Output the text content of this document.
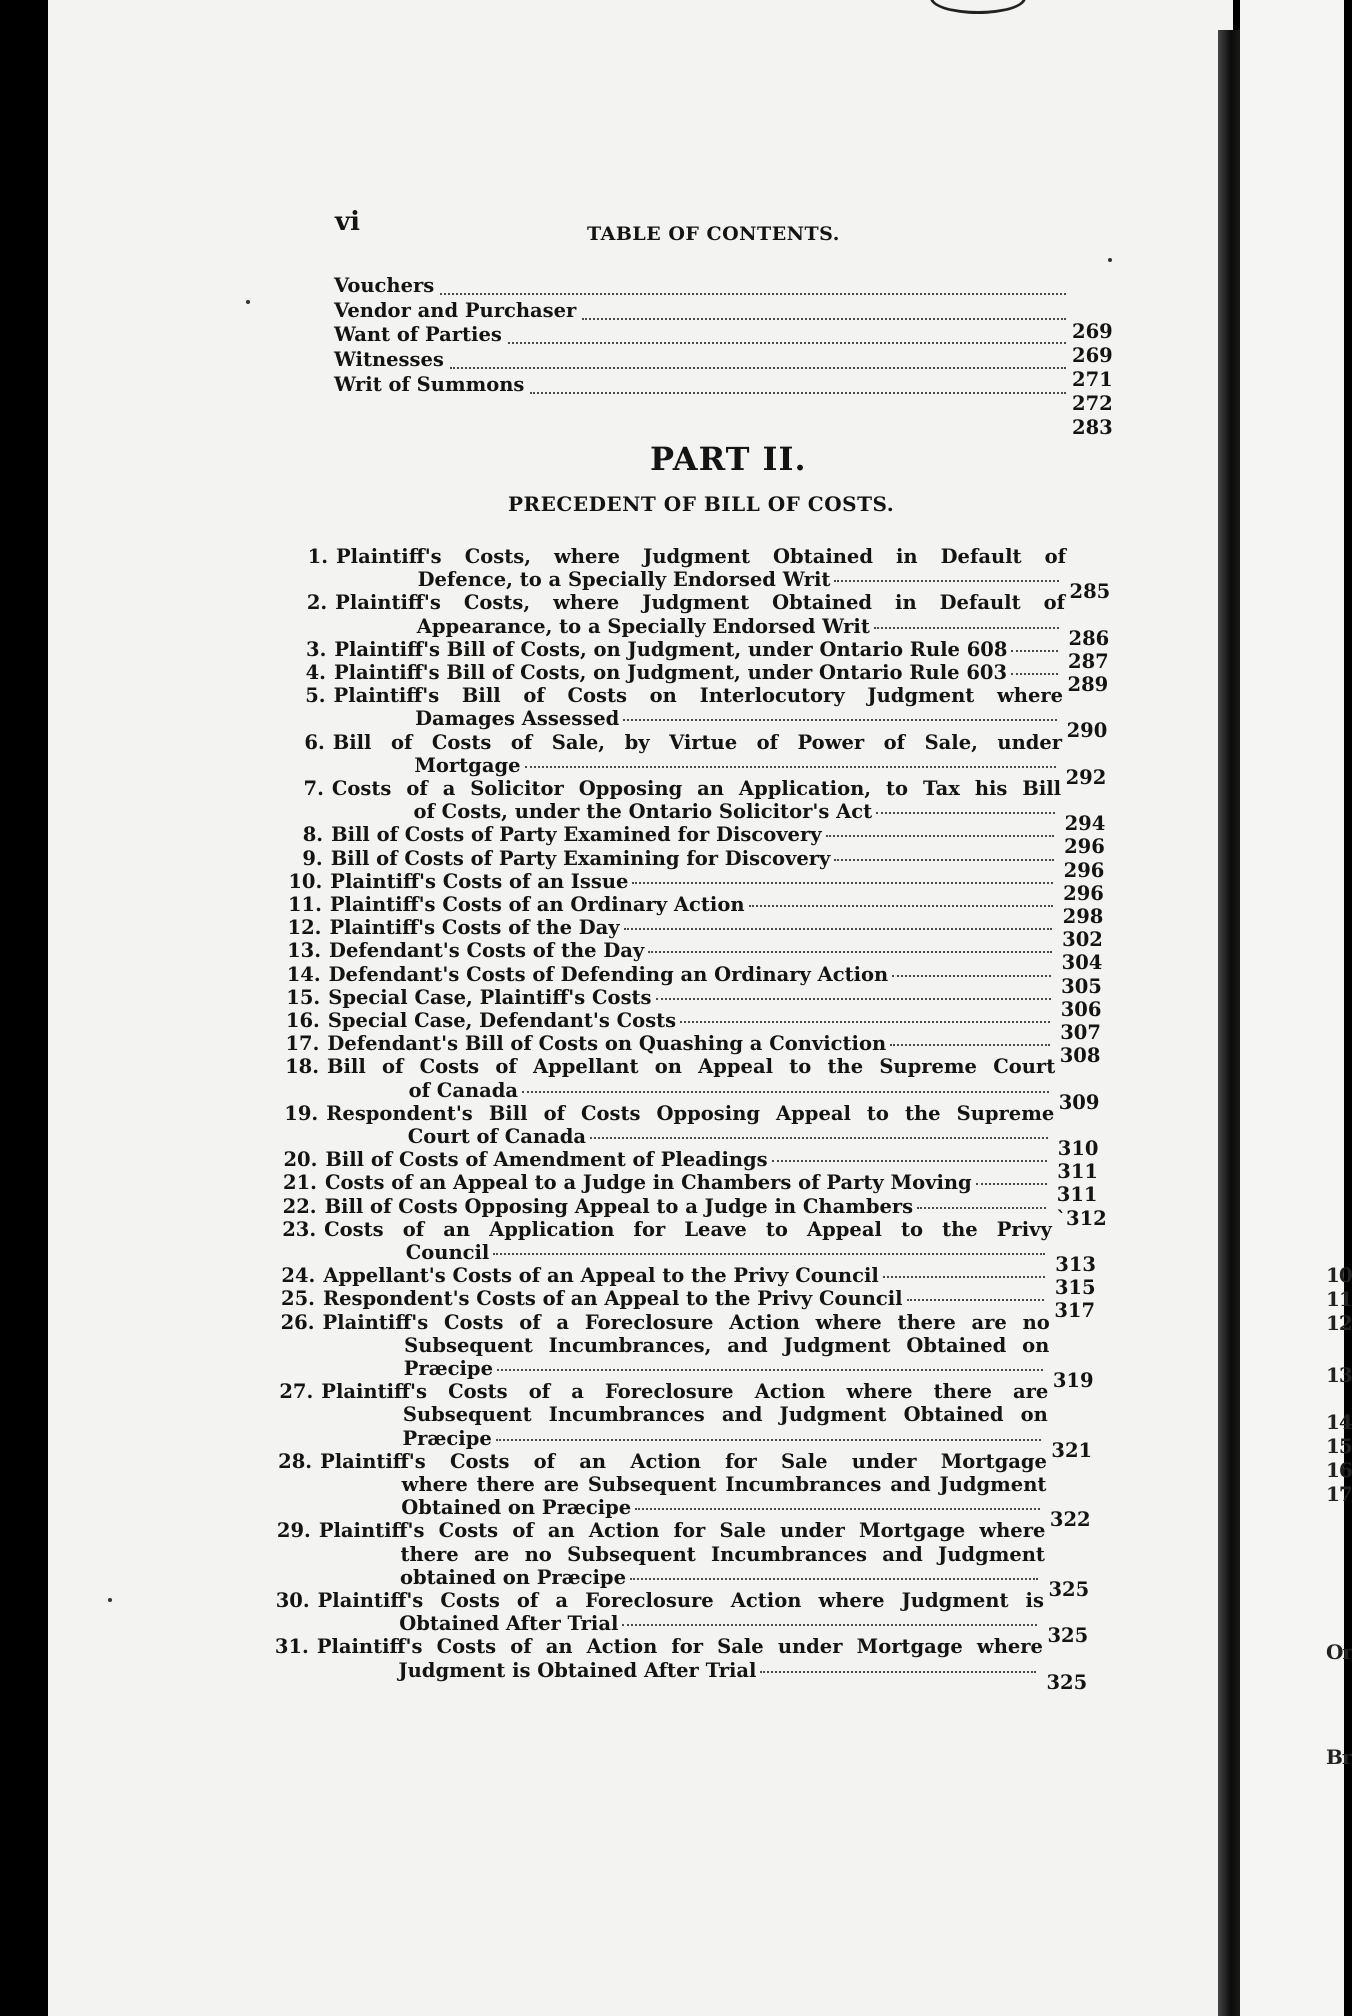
vi	TABLE OF CONTENTS.
Vouchers
Vendor and Purchaser
269
Want of Parties
269
Witnesses
271
Writ of Summons
272
283
PART II.
PRECEDENT OF BILL OF COSTS.
1. Plaintiff's Costs, where Judgment Obtained in Default of
Defence, to a Specially Endorsed Writ
285
2. Plaintiff's Costs, where Judgment Obtained in Default of
Appearance, to a Specially Endorsed Writ
286
3. Plaintiff's Bill of Costs, on Judgment, under Ontario Rule 608
287
4. Plaintiff's Bill of Costs, on Judgment, under Ontario Rule 603
289
5. Plaintiff's Bill of Costs on Interlocutory Judgment where
Damages Assessed
290
6. Bill of Costs of Sale, by Virtue of Power of Sale, under
Mortgage
292
7. Costs of a Solicitor Opposing an Application, to Tax his Bill
of Costs, under the Ontario Solicitor's Act
294
8. Bill of Costs of Party Examined for Discovery
296
9. Bill of Costs of Party Examining for Discovery
296
10. Plaintiff's Costs of an Issue
296
11. Plaintiff's Costs of an Ordinary Action
298
12. Plaintiff's Costs of the Day
302
13. Defendant's Costs of the Day
304
14. Defendant's Costs of Defending an Ordinary Action
305
15. Special Case, Plaintiff's Costs
306
16. Special Case, Defendant's Costs
307
17. Defendant's Bill of Costs on Quashing a Conviction
308
18. Bill of Costs of Appellant on Appeal to the Supreme Court
of Canada
309
19. Respondent's Bill of Costs Opposing Appeal to the Supreme
Court of Canada
310
20. Bill of Costs of Amendment of Pleadings
311
21. Costs of an Appeal to a Judge in Chambers of Party Moving
311
22. Bill of Costs Opposing Appeal to a Judge in Chambers
`312
23. Costs of an Application for Leave to Appeal to the Privy
Council
313
24. Appellant's Costs of an Appeal to the Privy Council
315
25. Respondent's Costs of an Appeal to the Privy Council
317
26. Plaintiff's Costs of a Foreclosure Action where there are no
Subsequent Incumbrances, and Judgment Obtained on
Præcipe
319
27. Plaintiff's Costs of a Foreclosure Action where there are
Subsequent Incumbrances and Judgment Obtained on
Præcipe
321
28. Plaintiff's Costs of an Action for Sale under Mortgage
where there are Subsequent Incumbrances and Judgment
Obtained on Præcipe
322
29. Plaintiff's Costs of an Action for Sale under Mortgage where
there are no Subsequent Incumbrances and Judgment
obtained on Præcipe
325
30. Plaintiff's Costs of a Foreclosure Action where Judgment is
Obtained After Trial
325
31. Plaintiff's Costs of an Action for Sale under Mortgage where
Judgment is Obtained After Trial
325
10
11
12
13
14
15
16
17
Or
Br
